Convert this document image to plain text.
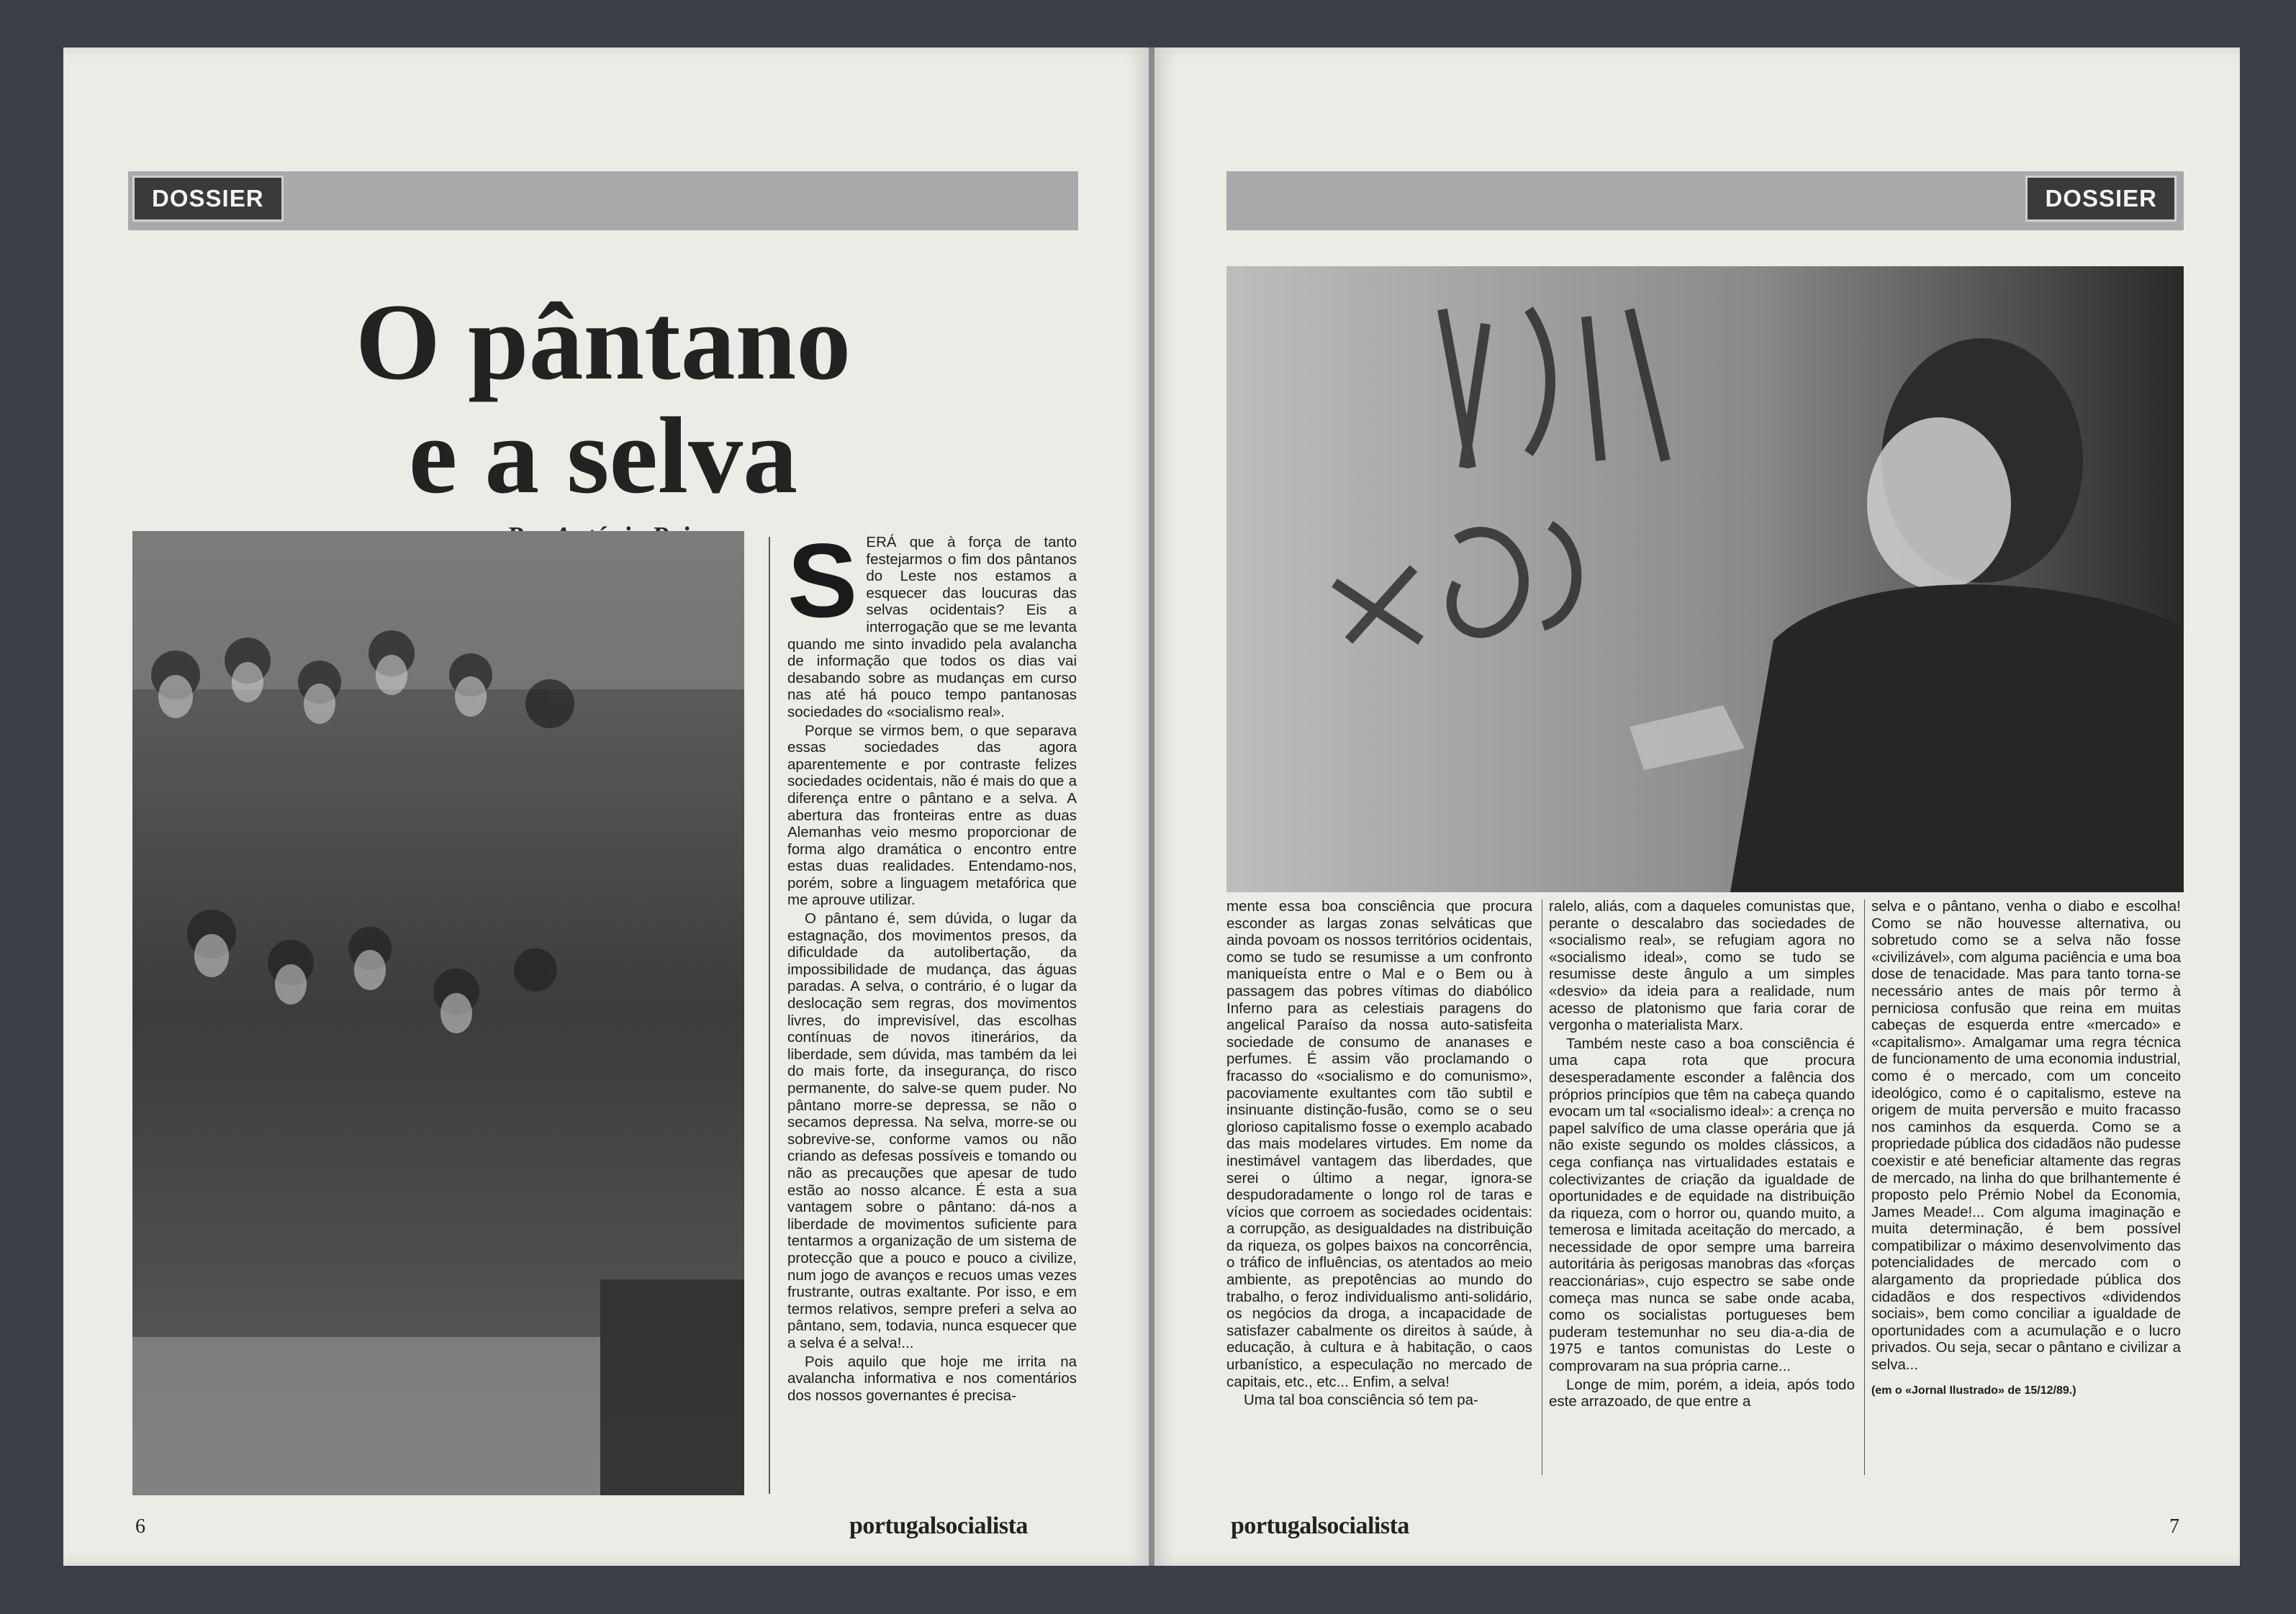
DOSSIER
O pântano
e a selva

SERÁ que à força de tanto festejarmos o fim dos pântanos do Leste nos estamos a esquecer das loucuras das selvas ocidentais? Eis a interrogação que se me levanta quando me sinto invadido pela avalancha de informação que todos os dias vai desabando sobre as mudanças em curso nas até há pouco tempo pantanosas sociedades do «socialismo real».

Porque se virmos bem, o que separava essas sociedades das agora aparentemente e por contraste felizes sociedades ocidentais, não é mais do que a diferença entre o pântano e a selva. A abertura das fronteiras entre as duas Alemanhas veio mesmo proporcionar de forma algo dramática o encontro entre estas duas realidades. Entendamo-nos, porém, sobre a linguagem metafórica que me aprouve utilizar.

O pântano é, sem dúvida, o lugar da estagnação, dos movimentos presos, da dificuldade da autolibertação, da impossibilidade de mudança, das águas paradas. A selva, o contrário, é o lugar da deslocação sem regras, dos movimentos livres, do imprevisível, das escolhas contínuas de novos itinerários, da liberdade, sem dúvida, mas também da lei do mais forte, da insegurança, do risco permanente, do salve-se quem puder. No pântano morre-se depressa, se não o secamos depressa. Na selva, morre-se ou sobrevive-se, conforme vamos ou não criando as defesas possíveis e tomando ou não as precauções que apesar de tudo estão ao nosso alcance. É esta a sua vantagem sobre o pântano: dá-nos a liberdade de movimentos suficiente para tentarmos a organização de um sistema de protecção que a pouco e pouco a civilize, num jogo de avanços e recuos umas vezes frustrante, outras exaltante. Por isso, e em termos relativos, sempre preferi a selva ao pântano, sem, todavia, nunca esquecer que a selva é a selva!...

Pois aquilo que hoje me irrita na avalancha informativa e nos comentários dos nossos governantes é precisa-

6	portugalsocialista
DOSSIER

mente essa boa consciência que procura esconder as largas zonas selváticas que ainda povoam os nossos territórios ocidentais, como se tudo se resumisse a um confronto maniqueísta entre o Mal e o Bem ou à passagem das pobres vítimas do diabólico Inferno para as celestiais paragens do angelical Paraíso da nossa auto-satisfeita sociedade de consumo de ananases e perfumes. É assim vão proclamando o fracasso do «socialismo e do comunismo», pacoviamente exultantes com tão subtil e insinuante distinção-fusão, como se o seu glorioso capitalismo fosse o exemplo acabado das mais modelares virtudes. Em nome da inestimável vantagem das liberdades, que serei o último a negar, ignora-se despudoradamente o longo rol de taras e vícios que corroem as sociedades ocidentais: a corrupção, as desigualdades na distribuição da riqueza, os golpes baixos na concorrência, o tráfico de influências, os atentados ao meio ambiente, as prepotências ao mundo do trabalho, o feroz individualismo anti-solidário, os negócios da droga, a incapacidade de satisfazer cabalmente os direitos à saúde, à educação, à cultura e à habitação, o caos urbanístico, a especulação no mercado de capitais, etc., etc... Enfim, a selva!

Uma tal boa consciência só tem pa-

ralelo, aliás, com a daqueles comunistas que, perante o descalabro das sociedades de «socialismo real», se refugiam agora no «socialismo ideal», como se tudo se resumisse deste ângulo a um simples «desvio» da ideia para a realidade, num acesso de platonismo que faria corar de vergonha o materialista Marx.

Também neste caso a boa consciência é uma capa rota que procura desesperadamente esconder a falência dos próprios princípios que têm na cabeça quando evocam um tal «socialismo ideal»: a crença no papel salvífico de uma classe operária que já não existe segundo os moldes clássicos, a cega confiança nas virtualidades estatais e colectivizantes de criação da igualdade de oportunidades e de equidade na distribuição da riqueza, com o horror ou, quando muito, a temerosa e limitada aceitação do mercado, a necessidade de opor sempre uma barreira autoritária às perigosas manobras das «forças reaccionárias», cujo espectro se sabe onde começa mas nunca se sabe onde acaba, como os socialistas portugueses bem puderam testemunhar no seu dia-a-dia de 1975 e tantos comunistas do Leste o comprovaram na sua própria carne...

Longe de mim, porém, a ideia, após todo este arrazoado, de que entre a

selva e o pântano, venha o diabo e escolha! Como se não houvesse alternativa, ou sobretudo como se a selva não fosse «civilizável», com alguma paciência e uma boa dose de tenacidade. Mas para tanto torna-se necessário antes de mais pôr termo à perniciosa confusão que reina em muitas cabeças de esquerda entre «mercado» e «capitalismo». Amalgamar uma regra técnica de funcionamento de uma economia industrial, como é o mercado, com um conceito ideológico, como é o capitalismo, esteve na origem de muita perversão e muito fracasso nos caminhos da esquerda. Como se a propriedade pública dos cidadãos não pudesse coexistir e até beneficiar altamente das regras de mercado, na linha do que brilhantemente é proposto pelo Prémio Nobel da Economia, James Meade!... Com alguma imaginação e muita determinação, é bem possível compatibilizar o máximo desenvolvimento das potencialidades de mercado com o alargamento da propriedade pública dos cidadãos e dos respectivos «dividendos sociais», bem como conciliar a igualdade de oportunidades com a acumulação e o lucro privados. Ou seja, secar o pântano e civilizar a selva...

(em o «Jornal Ilustrado» de 15/12/89.)

portugalsocialista	7
